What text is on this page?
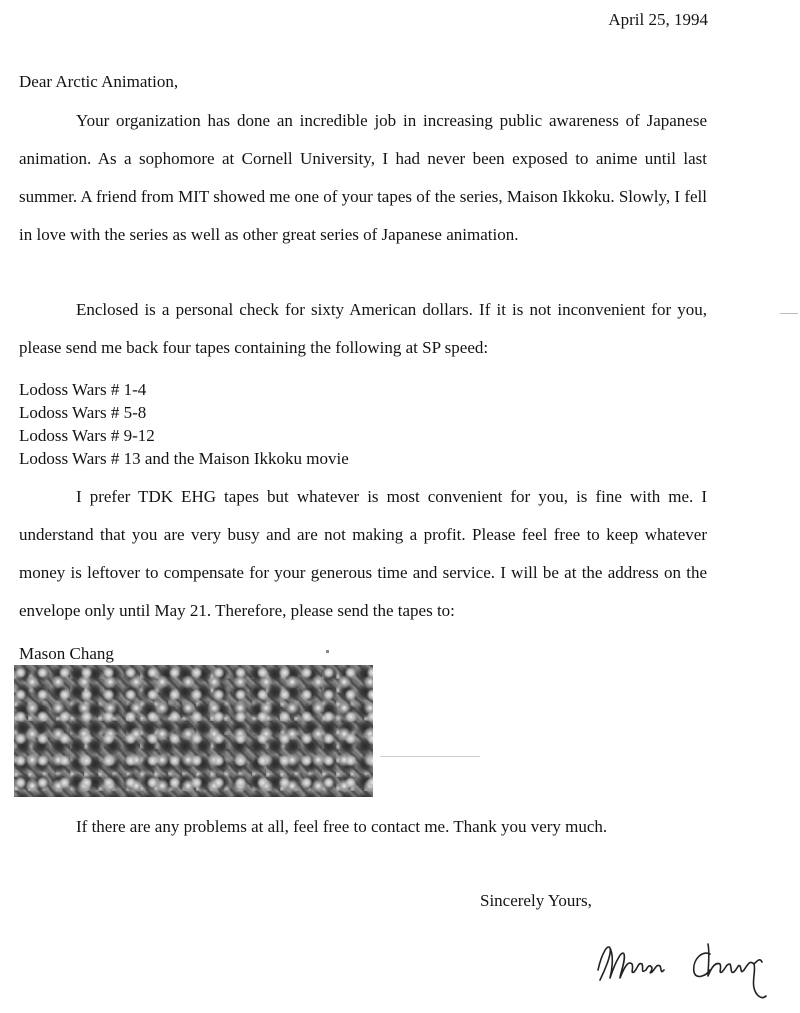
April 25, 1994
Dear Arctic Animation,

Your organization has done an incredible job in increasing public awareness of Japanese animation. As a sophomore at Cornell University, I had never been exposed to anime until last summer. A friend from MIT showed me one of your tapes of the series, Maison Ikkoku. Slowly, I fell in love with the series as well as other great series of Japanese animation.

Enclosed is a personal check for sixty American dollars. If it is not inconvenient for you, please send me back four tapes containing the following at SP speed:

Lodoss Wars # 1-4
Lodoss Wars # 5-8
Lodoss Wars # 9-12
Lodoss Wars # 13 and the Maison Ikkoku movie

I prefer TDK EHG tapes but whatever is most convenient for you, is fine with me. I understand that you are very busy and are not making a profit. Please feel free to keep whatever money is leftover to compensate for your generous time and service. I will be at the address on the envelope only until May 21. Therefore, please send the tapes to:

Mason Chang
If there are any problems at all, feel free to contact me. Thank you very much.
Sincerely Yours,
